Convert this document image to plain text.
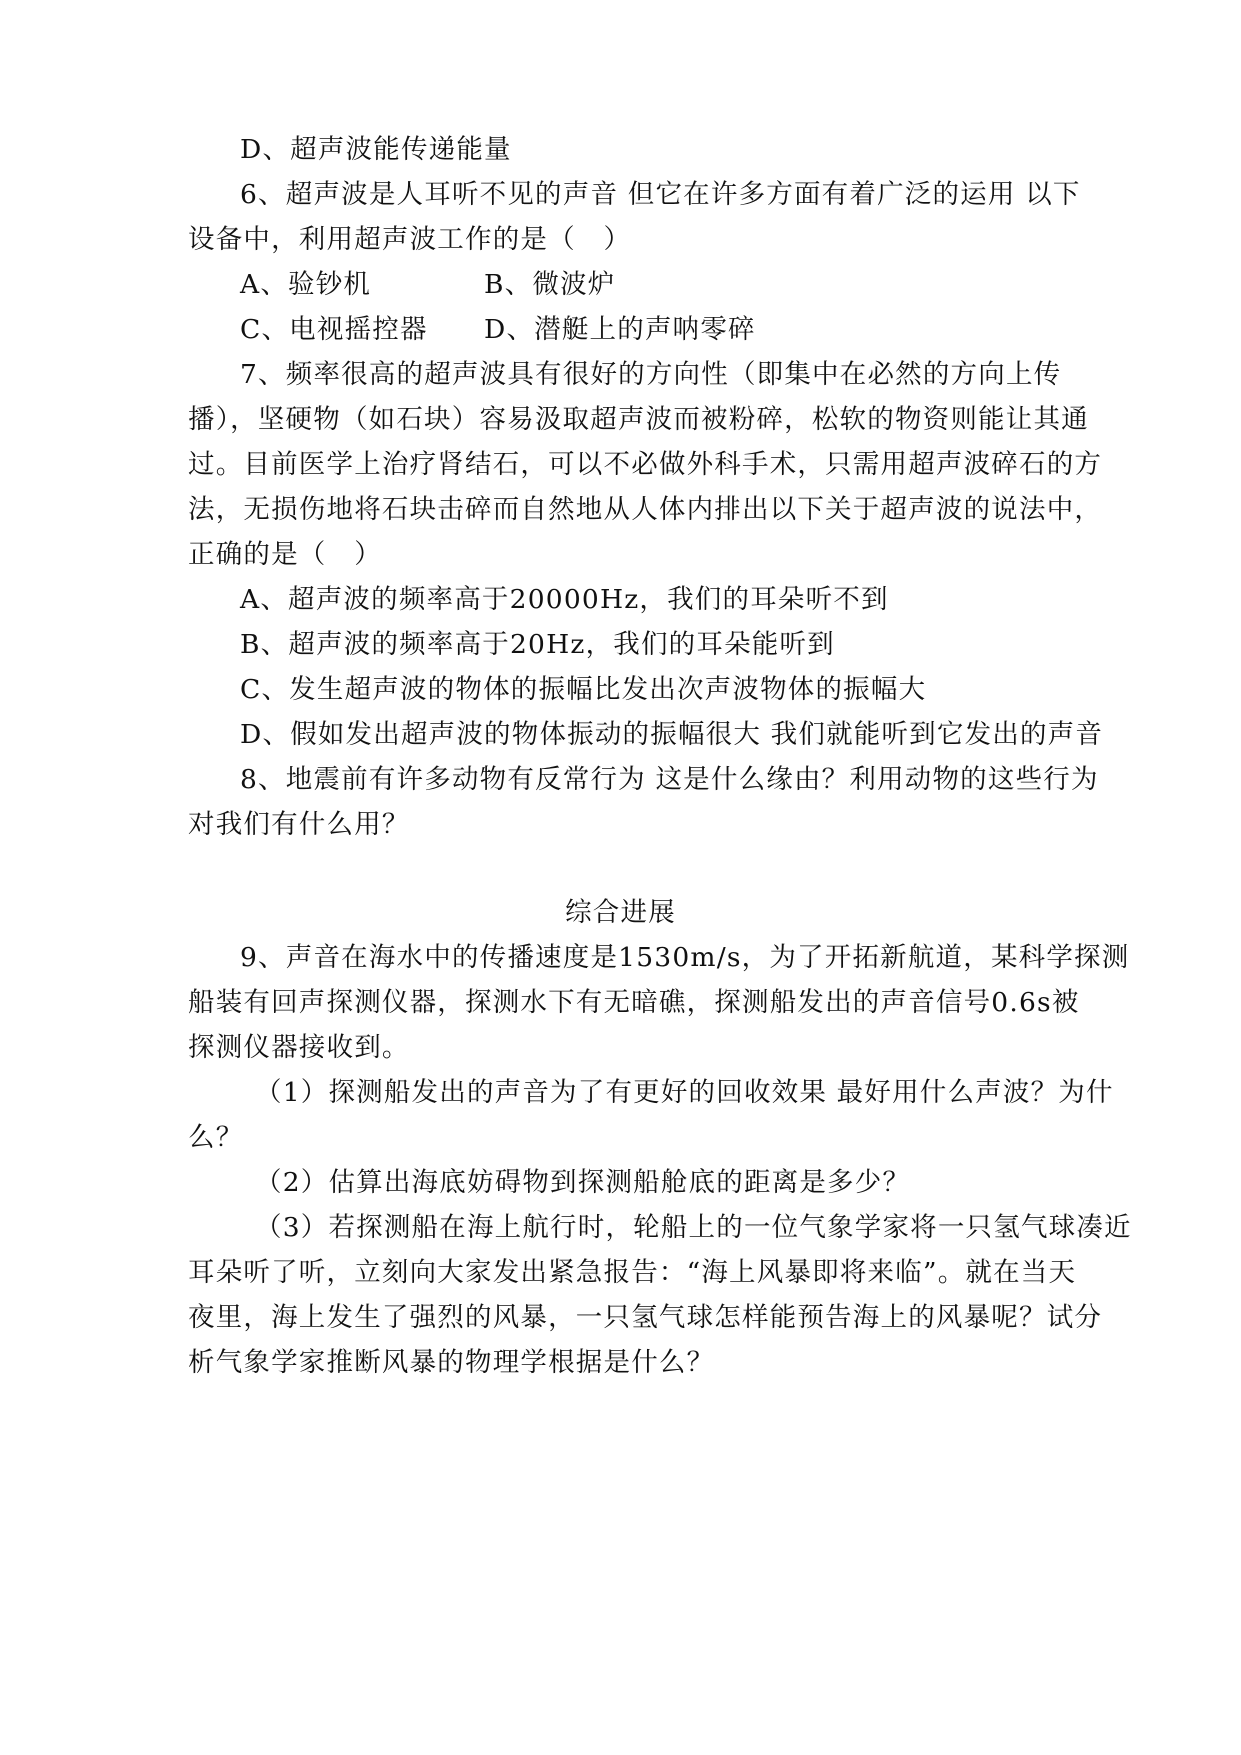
D、超声波能传递能量
6、超声波是人耳听不见的声音 但它在许多方面有着广泛的运用 以下
设备中，利用超声波工作的是（　）
A、验钞机	B、微波炉
C、电视摇控器 D、潜艇上的声呐零碎
7、频率很高的超声波具有很好的方向性（即集中在必然的方向上传
播），坚硬物（如石块）容易汲取超声波而被粉碎，松软的物资则能让其通
过。目前医学上治疗肾结石，可以不必做外科手术，只需用超声波碎石的方
法，无损伤地将石块击碎而自然地从人体内排出以下关于超声波的说法中，
正确的是（　）
A、超声波的频率高于20000Hz，我们的耳朵听不到
B、超声波的频率高于20Hz，我们的耳朵能听到
C、发生超声波的物体的振幅比发出次声波物体的振幅大
D、假如发出超声波的物体振动的振幅很大 我们就能听到它发出的声音
8、地震前有许多动物有反常行为 这是什么缘由？利用动物的这些行为
对我们有什么用？
综合进展
9、声音在海水中的传播速度是1530m/s，为了开拓新航道，某科学探测
船装有回声探测仪器，探测水下有无暗礁，探测船发出的声音信号0.6s被
探测仪器接收到。
（1）探测船发出的声音为了有更好的回收效果 最好用什么声波？为什
么？
（2）估算出海底妨碍物到探测船舱底的距离是多少？
（3）若探测船在海上航行时，轮船上的一位气象学家将一只氢气球凑近
耳朵听了听，立刻向大家发出紧急报告：“海上风暴即将来临”。就在当天
夜里，海上发生了强烈的风暴，一只氢气球怎样能预告海上的风暴呢？试分
析气象学家推断风暴的物理学根据是什么？
